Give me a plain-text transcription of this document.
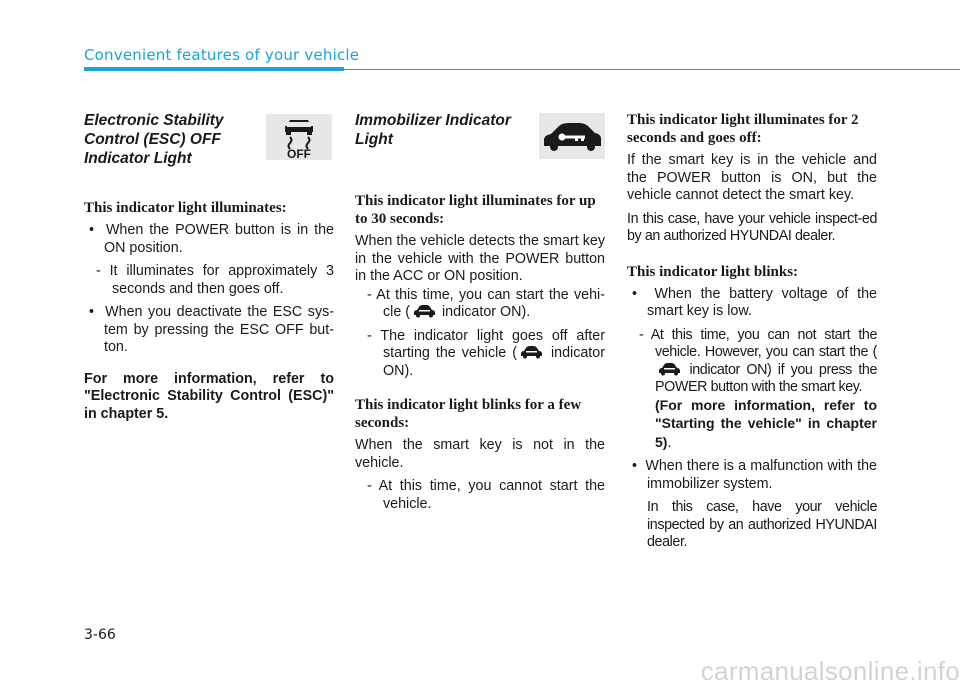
Convenient features of your vehicle
Electronic Stability Control (ESC) OFF Indicator Light	OFF
This indicator light illuminates:

•  When the POWER button is in the ON position.

- It illuminates for approximately 3 seconds and then goes off.

•  When you deactivate the ESC sys-tem by pressing the ESC OFF but-ton.

For more information, refer to "Electronic Stability Control (ESC)" in chapter 5.

Immobilizer Indicator Light
This indicator light illuminates for up to 30 seconds:

When the vehicle detects the smart key in the vehicle with the POWER button in the ACC or ON position.

- At this time, you can start the vehi-cle ( indicator ON).

- The indicator light goes off after starting the vehicle ( indicator ON).

This indicator light blinks for a few seconds:

When the smart key is not in the vehicle.

- At this time, you cannot start the vehicle.

This indicator light illuminates for 2 seconds and goes off:

If the smart key is in the vehicle and the POWER button is ON, but the vehicle cannot detect the smart key.

In this case, have your vehicle inspect-ed by an authorized HYUNDAI dealer.

This indicator light blinks:

•  When the battery voltage of the smart key is low.

- At this time, you can not start the vehicle. However, you can start the ( indicator ON) if you press the POWER button with the smart key.
(For more information, refer to "Starting the vehicle" in chapter 5).

•  When there is a malfunction with the immobilizer system.

In this case, have your vehicle inspected by an authorized HYUNDAI dealer.

3-66
carmanualsonline.info
